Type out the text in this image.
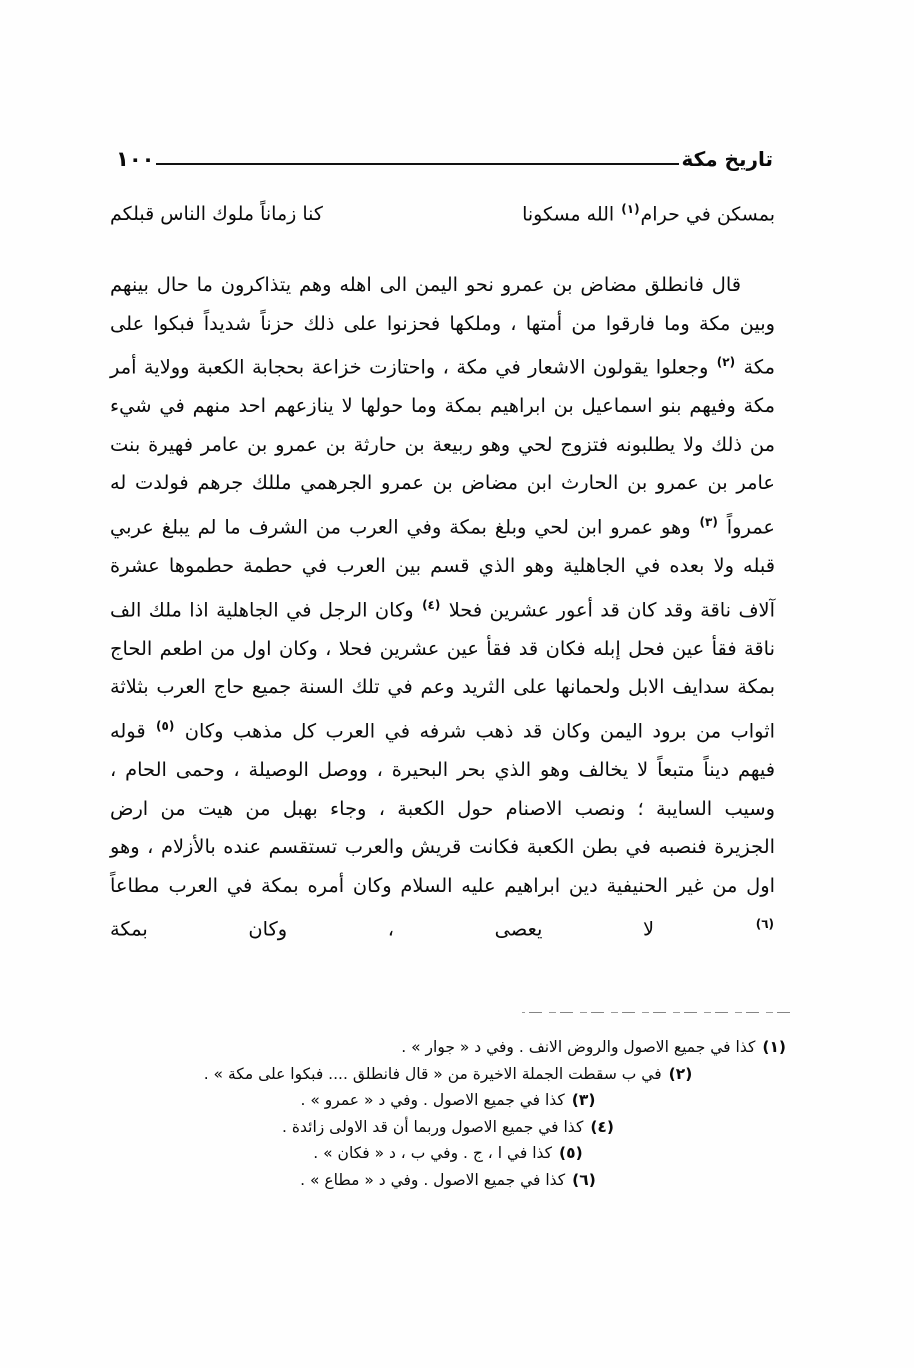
١٠٠	تاريخ مكة
بمسكن في حرام$^{(١)}$ الله مسكونا
كنا زماناً ملوك الناس قبلكم

قال فانطلق مضاض بن عمرو نحو اليمن الى اهله وهم يتذاكرون ما حال بينهم وبين مكة وما فارقوا من أمتها ، وملكها فحزنوا على ذلك حزناً شديداً فبكوا على مكة $^{(٢)}$ وجعلوا يقولون الاشعار في مكة ، واحتازت خزاعة بحجابة الكعبة وولاية أمر مكة وفيهم بنو اسماعيل بن ابراهيم بمكة وما حولها لا ينازعهم احد منهم في شيء من ذلك ولا يطلبونه فتزوج لحي وهو ربيعة بن حارثة بن عمرو بن عامر فهيرة بنت عامر بن عمرو بن الحارث ابن مضاض بن عمرو الجرهمي مللك جرهم فولدت له عمرواً $^{(٣)}$ وهو عمرو ابن لحي وبلغ بمكة وفي العرب من الشرف ما لم يبلغ عربي قبله ولا بعده في الجاهلية وهو الذي قسم بين العرب في حطمة حطموها عشرة آلاف ناقة وقد كان قد أعور عشرين فحلا $^{(٤)}$ وكان الرجل في الجاهلية اذا ملك الف ناقة فقأ عين فحل إبله فكان قد فقأ عين عشرين فحلا ، وكان اول من اطعم الحاج بمكة سدايف الابل ولحمانها على الثريد وعم في تلك السنة جميع حاج العرب بثلاثة اثواب من برود اليمن وكان قد ذهب شرفه في العرب كل مذهب وكان $^{(٥)}$ قوله فيهم ديناً متبعاً لا يخالف وهو الذي بحر البحيرة ، ووصل الوصيلة ، وحمى الحام ، وسيب السايبة ؛ ونصب الاصنام حول الكعبة ، وجاء بهبل من هيت من ارض الجزيرة فنصبه في بطن الكعبة فكانت قريش والعرب تستقسم عنده بالأزلام ، وهو اول من غير الحنيفية دين ابراهيم عليه السلام وكان أمره بمكة في العرب مطاعاً $^{(٦)}$ لا يعصى ، وكان بمكة

(١)كذا في جميع الاصول والروض الانف . وفي د « جوار » .
(٢)في ب سقطت الجملة الاخيرة من « قال فانطلق .... فبكوا على مكة » .
(٣)كذا في جميع الاصول . وفي د « عمرو » .
(٤)كذا في جميع الاصول وربما أن قد الاولى زائدة .
(٥)كذا في ا ، ج . وفي ب ، د « فكان » .
(٦)كذا في جميع الاصول . وفي د « مطاع » .
